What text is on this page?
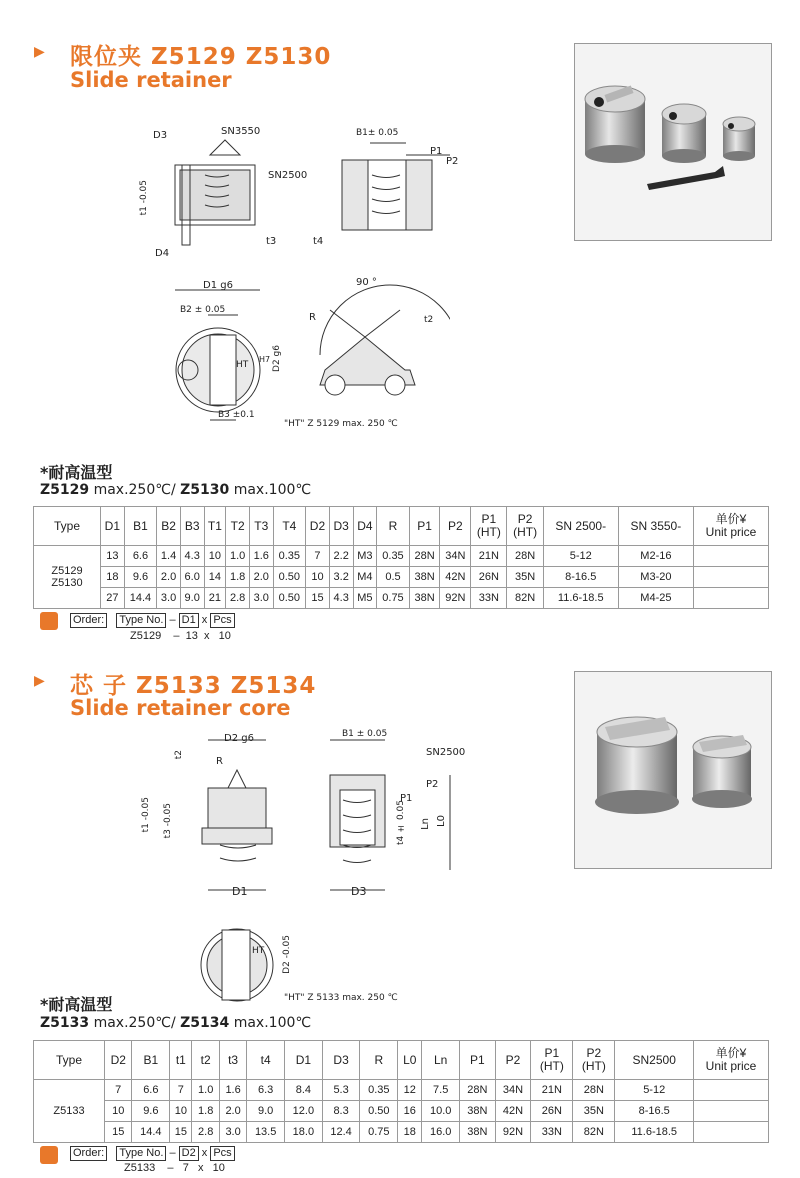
▶ 限位夹 Z5129 Z5130
Slide retainer
D3	SN3550
SN2500
t1 -0.05
D4
t3
B1± 0.05
P1
P2
t4
D1 g6
B2 ± 0.05
HT	D2 g6
H7
B3 ±0.1
90 °
R	t2
"HT" Z 5129 max. 250 ℃
*耐高温型
Z5129 max.250℃/ Z5130 max.100℃
Type	D1	B1	B2	B3	T1	T2	T3	T4	D2	D3	D4	R	P1	P2	P1
(HT)	P2
(HT)	SN 2500-	SN 3550-	单价¥
Unit price
Z5129
Z5130	13	6.6	1.4	4.3	10	1.0	1.6	0.35	7	2.2	M3	0.35	28N	34N	21N	28N	5-12	M2-16	
	18	9.6	2.0	6.0	14	1.8	2.0	0.50	10	3.2	M4	0.5	38N	42N	26N	35N	8-16.5	M3-20	
	27	14.4	3.0	9.0	21	2.8	3.0	0.50	15	4.3	M5	0.75	38N	92N	33N	82N	11.6-18.5	M4-25	
Order: Type No. – D1 x Pcs
Z5129    –  13  x   10
▶ 芯 子 Z5133 Z5134
Slide retainer core
D2 g6
R
t2
t1 -0.05 t3 -0.05
D1
B1 ± 0.05
SN2500
P2
P1
t4 ± 0.05 Ln L0
D3
HT D2 -0.05
"HT" Z 5133 max. 250 ℃
*耐高温型
Z5133 max.250℃/ Z5134 max.100℃
Type	D2	B1	t1	t2	t3	t4	D1	D3	R	L0	Ln	P1	P2	P1
(HT)	P2
(HT)	SN2500	单价¥
Unit price
Z5133	7	6.6	7	1.0	1.6	6.3	8.4	5.3	0.35	12	7.5	28N	34N	21N	28N	5-12	
	10	9.6	10	1.8	2.0	9.0	12.0	8.3	0.50	16	10.0	38N	42N	26N	35N	8-16.5	
	15	14.4	15	2.8	3.0	13.5	18.0	12.4	0.75	18	16.0	38N	92N	33N	82N	11.6-18.5	
Order: Type No. – D2 x Pcs
Z5133    –   7   x   10
